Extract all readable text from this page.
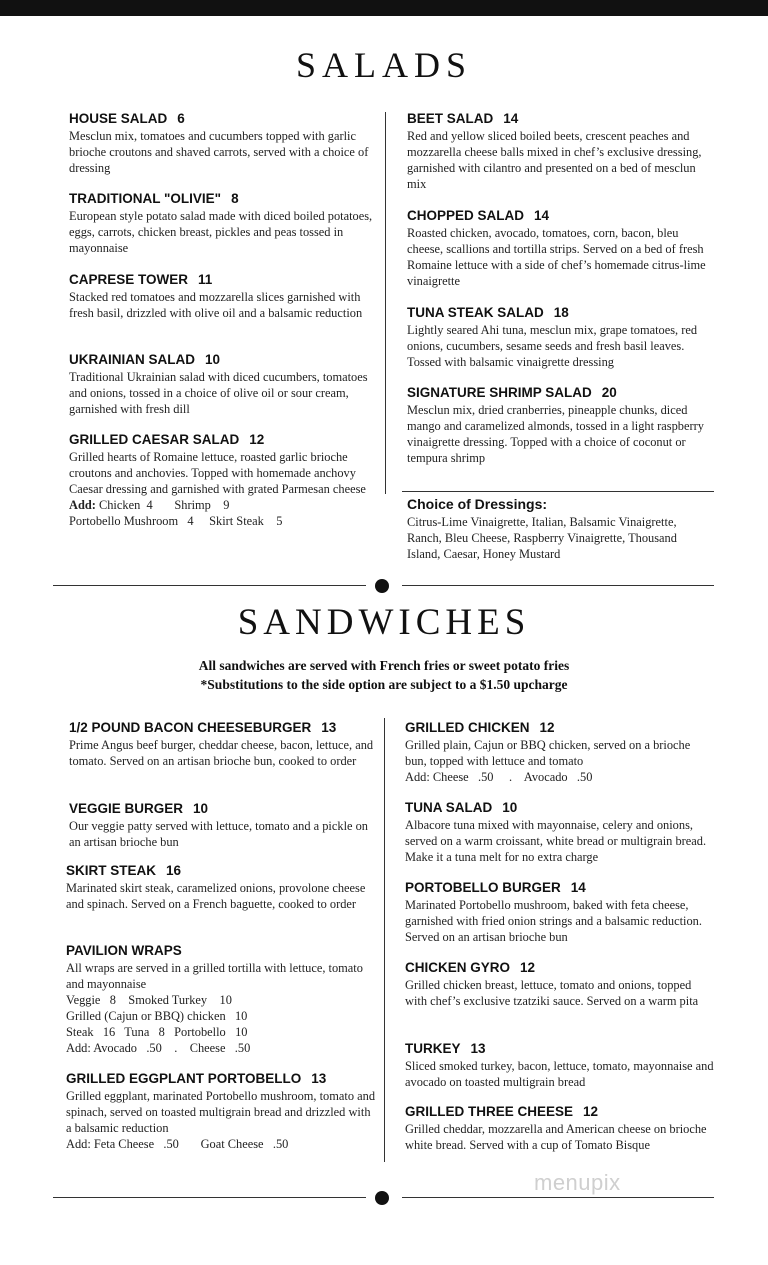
SALADS
HOUSE SALAD 6
Mesclun mix, tomatoes and cucumbers topped with garlic brioche croutons and shaved carrots, served with a choice of dressing
TRADITIONAL "OLIVIE" 8
European style potato salad made with diced boiled potatoes, eggs, carrots, chicken breast, pickles and peas tossed in mayonnaise
CAPRESE TOWER 11
Stacked red tomatoes and mozzarella slices garnished with fresh basil, drizzled with olive oil and a balsamic reduction
UKRAINIAN SALAD 10
Traditional Ukrainian salad with diced cucumbers, tomatoes and onions, tossed in a choice of olive oil or sour cream, garnished with fresh dill
GRILLED CAESAR SALAD 12
Grilled hearts of Romaine lettuce, roasted garlic brioche croutons and anchovies. Topped with homemade anchovy Caesar dressing and garnished with grated Parmesan cheese
Add: Chicken 4 Shrimp 9
Portobello Mushroom 4 Skirt Steak 5
BEET SALAD 14
Red and yellow sliced boiled beets, crescent peaches and mozzarella cheese balls mixed in chef’s exclusive dressing, garnished with cilantro and presented on a bed of mesclun mix
CHOPPED SALAD 14
Roasted chicken, avocado, tomatoes, corn, bacon, bleu cheese, scallions and tortilla strips. Served on a bed of fresh Romaine lettuce with a side of chef’s homemade citrus-lime vinaigrette
TUNA STEAK SALAD 18
Lightly seared Ahi tuna, mesclun mix, grape tomatoes, red onions, cucumbers, sesame seeds and fresh basil leaves. Tossed with balsamic vinaigrette dressing
SIGNATURE SHRIMP SALAD 20
Mesclun mix, dried cranberries, pineapple chunks, diced mango and caramelized almonds, tossed in a light raspberry vinaigrette dressing. Topped with a choice of coconut or tempura shrimp
Choice of Dressings:
Citrus-Lime Vinaigrette, Italian, Balsamic Vinaigrette, Ranch, Bleu Cheese, Raspberry Vinaigrette, Thousand Island, Caesar, Honey Mustard
SANDWICHES
All sandwiches are served with French fries or sweet potato fries
*Substitutions to the side option are subject to a $1.50 upcharge
1/2 POUND BACON CHEESEBURGER 13
Prime Angus beef burger, cheddar cheese, bacon, lettuce, and tomato. Served on an artisan brioche bun, cooked to order
VEGGIE BURGER 10
Our veggie patty served with lettuce, tomato and a pickle on an artisan brioche bun
SKIRT STEAK 16
Marinated skirt steak, caramelized onions, provolone cheese and spinach. Served on a French baguette, cooked to order
PAVILION WRAPS
All wraps are served in a grilled tortilla with lettuce, tomato and mayonnaise
Veggie 8 Smoked Turkey 10
Grilled (Cajun or BBQ) chicken 10
Steak 16 Tuna 8 Portobello 10
Add: Avocado .50 . Cheese .50
GRILLED EGGPLANT PORTOBELLO 13
Grilled eggplant, marinated Portobello mushroom, tomato and spinach, served on toasted multigrain bread and drizzled with a balsamic reduction
Add: Feta Cheese .50 Goat Cheese .50
GRILLED CHICKEN 12
Grilled plain, Cajun or BBQ chicken, served on a brioche bun, topped with lettuce and tomato
Add: Cheese .50 . Avocado .50
TUNA SALAD 10
Albacore tuna mixed with mayonnaise, celery and onions, served on a warm croissant, white bread or multigrain bread. Make it a tuna melt for no extra charge
PORTOBELLO BURGER 14
Marinated Portobello mushroom, baked with feta cheese, garnished with fried onion strings and a balsamic reduction. Served on an artisan brioche bun
CHICKEN GYRO 12
Grilled chicken breast, lettuce, tomato and onions, topped with chef’s exclusive tzatziki sauce. Served on a warm pita
TURKEY 13
Sliced smoked turkey, bacon, lettuce, tomato, mayonnaise and avocado on toasted multigrain bread
GRILLED THREE CHEESE 12
Grilled cheddar, mozzarella and American cheese on brioche white bread. Served with a cup of Tomato Bisque
menupix
